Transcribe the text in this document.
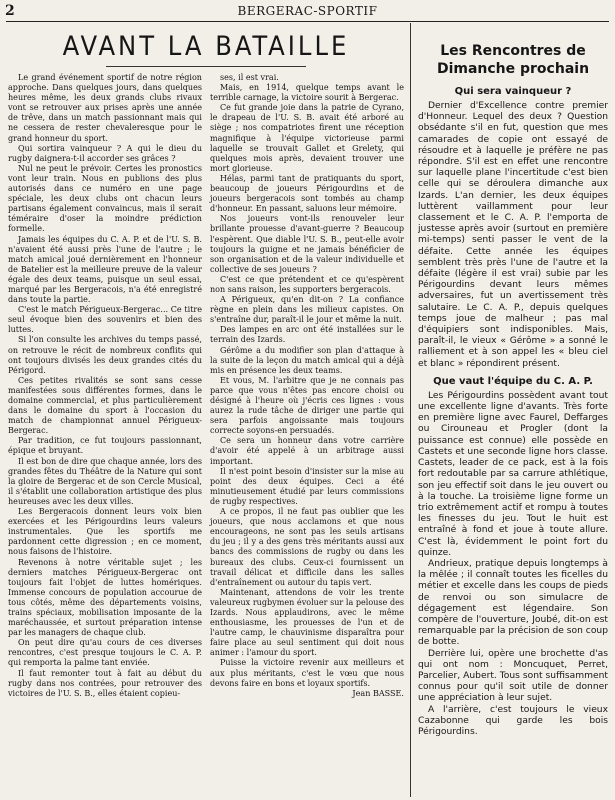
2	BERGERAC-SPORTIF
AVANT LA BATAILLE

Le grand événement sportif de notre région approche. Dans quelques jours, dans quelques heures même, les deux grands clubs rivaux vont se retrouver aux prises après une année de trêve, dans un match passionnant mais qui ne cessera de rester chevaleresque pour le grand honneur du sport.

Qui sortira vainqueur ? A qui le dieu du rugby daignera-t-il accorder ses grâces ?

Nul ne peut le prévoir. Certes les pronostics vont leur train. Nous en publions des plus autorisés dans ce numéro en une page spéciale, les deux clubs ont chacun leurs partisans également convaincus, mais il serait téméraire d'oser la moindre prédiction formelle.

Jamais les équipes du C. A. P. et de l'U. S. B. n'avaient été aussi près l'une de l'autre ; le match amical joué dernièrement en l'honneur de Batelier est la meilleure preuve de la valeur égale des deux teams, puisque un seul essai, marqué par les Bergeracois, n'a été enregistré dans toute la partie.

C'est le match Périgueux-Bergerac... Ce titre seul évoque bien des souvenirs et bien des luttes.

Si l'on consulte les archives du temps passé, on retrouve le récit de nombreux conflits qui ont toujours divisés les deux grandes cités du Périgord.

Ces petites rivalités se sont sans cesse manifestées sous différentes formes, dans le domaine commercial, et plus particulièrement dans le domaine du sport à l'occasion du match de championnat annuel Périgueux-Bergerac.

Par tradition, ce fut toujours passionnant, épique et bruyant.

Il est bon de dire que chaque année, lors des grandes fêtes du Théâtre de la Nature qui sont la gloire de Bergerac et de son Cercle Musical, il s'établit une collaboration artistique des plus heureuses avec les deux villes.

Les Bergeracois donnent leurs voix bien exercées et les Périgourdins leurs valeurs instrumentales. Que les sportifs me pardonnent cette digression ; en ce moment, nous faisons de l'histoire.

Revenons à notre véritable sujet ; les derniers matches Périgueux-Bergerac ont toujours fait l'objet de luttes homériques. Immense concours de population accourue de tous côtés, même des départements voisins, trains spéciaux, mobilisation imposante de la maréchaussée, et surtout préparation intense par les managers de chaque club.

On peut dire qu'au cours de ces diverses rencontres, c'est presque toujours le C. A. P. qui remporta la palme tant enviée.

Il faut remonter tout à fait au début du rugby dans nos contrées, pour retrouver des victoires de l'U. S. B., elles étaient copieu-

ses, il est vrai.

Mais, en 1914, quelque temps avant le terrible carnage, la victoire sourit à Bergerac.

Ce fut grande joie dans la patrie de Cyrano, le drapeau de l'U. S. B. avait été arboré au siège ; nos compatriotes firent une réception magnifique à l'équipe victorieuse parmi laquelle se trouvait Gallet et Grelety, qui quelques mois après, devaient trouver une mort glorieuse.

Hélas, parmi tant de pratiquants du sport, beaucoup de joueurs Périgourdins et de joueurs bergeracois sont tombés au champ d'honneur. En passant, saluons leur mémoire.

Nos joueurs vont-ils renouveler leur brillante prouesse d'avant-guerre ? Beaucoup l'espèrent. Que diable l'U. S. B., peut-elle avoir toujours la guigne et ne jamais bénéficier de son organisation et de la valeur individuelle et collective de ses joueurs ?

C'est ce que prétendent et ce qu'espèrent non sans raison, les supporters bergeracois.

A Périgueux, qu'en dit-on ? La confiance règne en plein dans les milieux capistes. On s'entraîne dur, paraît-il le jour et même la nuit.

Des lampes en arc ont été installées sur le terrain des Izards.

Gérôme a du modifier son plan d'attaque à la suite de la leçon du match amical qui a déjà mis en présence les deux teams.

Et vous, M. l'arbitre que je ne connais pas parce que vous n'êtes pas encore choisi ou désigné à l'heure où j'écris ces lignes : vous aurez la rude tâche de diriger une partie qui sera parfois angoissante mais toujours correcte soyons-en persuadés.

Ce sera un honneur dans votre carrière d'avoir été appelé à un arbitrage aussi important.

Il n'est point besoin d'insister sur la mise au point des deux équipes. Ceci a été minutieusement étudié par leurs commissions de rugby respectives.

A ce propos, il ne faut pas oublier que les joueurs, que nous acclamons et que nous encourageons, ne sont pas les seuls artisans du jeu ; il y a des gens très méritants aussi aux bancs des commissions de rugby ou dans les bureaux des clubs. Ceux-ci fournissent un travail délicat et difficile dans les salles d'entraînement ou autour du tapis vert.

Maintenant, attendons de voir les trente valeureux rugbymen évoluer sur la pelouse des Izards. Nous applaudirons, avec le même enthousiasme, les prouesses de l'un et de l'autre camp, le chauvinisme disparaîtra pour faire place au seul sentiment qui doit nous animer : l'amour du sport.

Puisse la victoire revenir aux meilleurs et aux plus méritants, c'est le vœu que nous devons faire en bons et loyaux sportifs.

Jean BASSE.
Les Rencontres de
Dimanche prochain
Qui sera vainqueur ?

Dernier d'Excellence contre premier d'Honneur. Lequel des deux ? Question obsédante s'il en fut, question que mes camarades de copie ont essayé de résoudre et à laquelle je préfère ne pas répondre. S'il est en effet une rencontre sur laquelle plane l'incertitude c'est bien celle qui se déroulera dimanche aux Izards. L'an dernier, les deux équipes luttèrent vaillamment pour leur classement et le C. A. P. l'emporta de justesse après avoir (surtout en première mi-temps) senti passer le vent de la défaite. Cette année les équipes semblent très près l'une de l'autre et la défaite (légère il est vrai) subie par les Périgourdins devant leurs mêmes adversaires, fut un avertissement très salutaire. Le C. A. P., depuis quelques temps joue de malheur ; pas mal d'équipiers sont indisponibles. Mais, paraît-il, le vieux « Gérôme » a sonné le ralliement et à son appel les « bleu ciel et blanc » répondirent présent.

Que vaut l'équipe du C. A. P.

Les Périgourdins possèdent avant tout une excellente ligne d'avants. Très forte en première ligne avec Faurel, Deffarges ou Cirouneau et Progler (dont la puissance est connue) elle possède en Castets et une seconde ligne hors classe. Castets, leader de ce pack, est à la fois fort redoutable par sa carrure athlétique, son jeu effectif soit dans le jeu ouvert ou à la touche. La troisième ligne forme un trio extrêmement actif et rompu à toutes les finesses du jeu. Tout le huit est entraîné à fond et joue à toute allure. C'est là, évidemment le point fort du quinze.

Andrieux, pratique depuis longtemps à la mêlée ; il connaît toutes les ficelles du métier et excelle dans les coups de pieds de renvoi ou son simulacre de dégagement est légendaire. Son compère de l'ouverture, Joubé, dit-on est remarquable par la précision de son coup de botte.

Derrière lui, opère une brochette d'as qui ont nom : Moncuquet, Perret, Parcelier, Aubert. Tous sont suffisamment connus pour qu'il soit utile de donner une appréciation à leur sujet.

A l'arrière, c'est toujours le vieux Cazabonne qui garde les bois Périgourdins.
